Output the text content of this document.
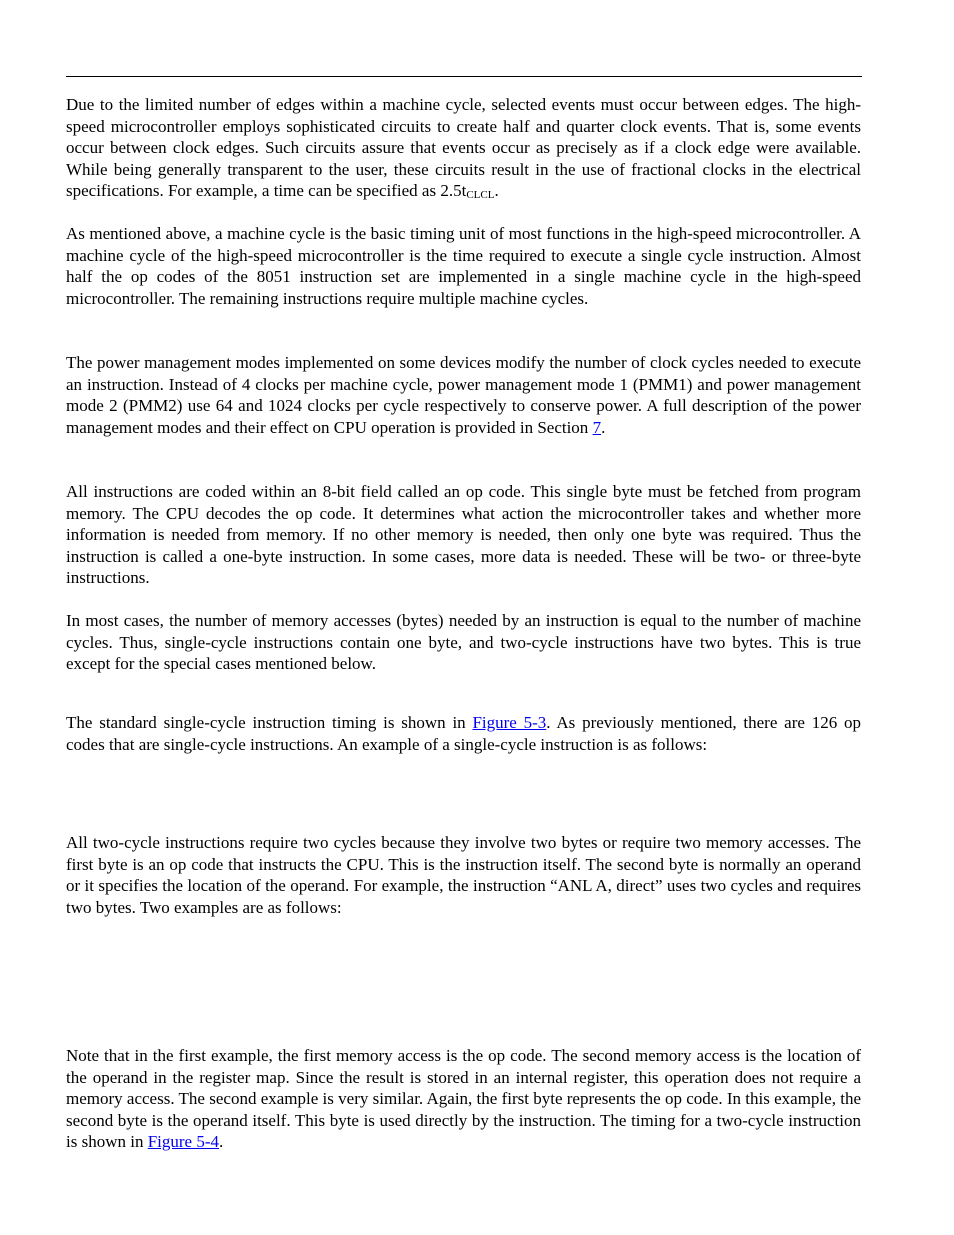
Due to the limited number of edges within a machine cycle, selected events must occur between edges. The high-speed microcontroller employs sophisticated circuits to create half and quarter clock events. That is, some events occur between clock edges. Such circuits assure that events occur as precisely as if a clock edge were available. While being generally transparent to the user, these circuits result in the use of fractional clocks in the electrical specifications. For example, a time can be specified as $2.5t_{CLCL}$.

As mentioned above, a machine cycle is the basic timing unit of most functions in the high-speed microcontroller. A machine cycle of the high-speed microcontroller is the time required to execute a single cycle instruction. Almost half the op codes of the 8051 instruction set are implemented in a single machine cycle in the high-speed microcontroller. The remaining instructions require multiple machine cycles.

The power management modes implemented on some devices modify the number of clock cycles needed to execute an instruction. Instead of 4 clocks per machine cycle, power management mode 1 (PMM1) and power management mode 2 (PMM2) use 64 and 1024 clocks per cycle respectively to conserve power. A full description of the power management modes and their effect on CPU operation is provided in Section 7.

All instructions are coded within an 8-bit field called an op code. This single byte must be fetched from program memory. The CPU decodes the op code. It determines what action the microcontroller takes and whether more information is needed from memory. If no other memory is needed, then only one byte was required. Thus the instruction is called a one-byte instruction. In some cases, more data is needed. These will be two- or three-byte instructions.

In most cases, the number of memory accesses (bytes) needed by an instruction is equal to the number of machine cycles. Thus, single-cycle instructions contain one byte, and two-cycle instructions have two bytes. This is true except for the special cases mentioned below.

The standard single-cycle instruction timing is shown in Figure 5-3. As previously mentioned, there are 126 op codes that are single-cycle instructions. An example of a single-cycle instruction is as follows:

All two-cycle instructions require two cycles because they involve two bytes or require two memory accesses. The first byte is an op code that instructs the CPU. This is the instruction itself. The second byte is normally an operand or it specifies the location of the operand. For example, the instruction “ANL A, direct” uses two cycles and requires two bytes. Two examples are as follows:

Note that in the first example, the first memory access is the op code. The second memory access is the location of the operand in the register map. Since the result is stored in an internal register, this operation does not require a memory access. The second example is very similar. Again, the first byte represents the op code. In this example, the second byte is the operand itself. This byte is used directly by the instruction. The timing for a two-cycle instruction is shown in Figure 5-4.
